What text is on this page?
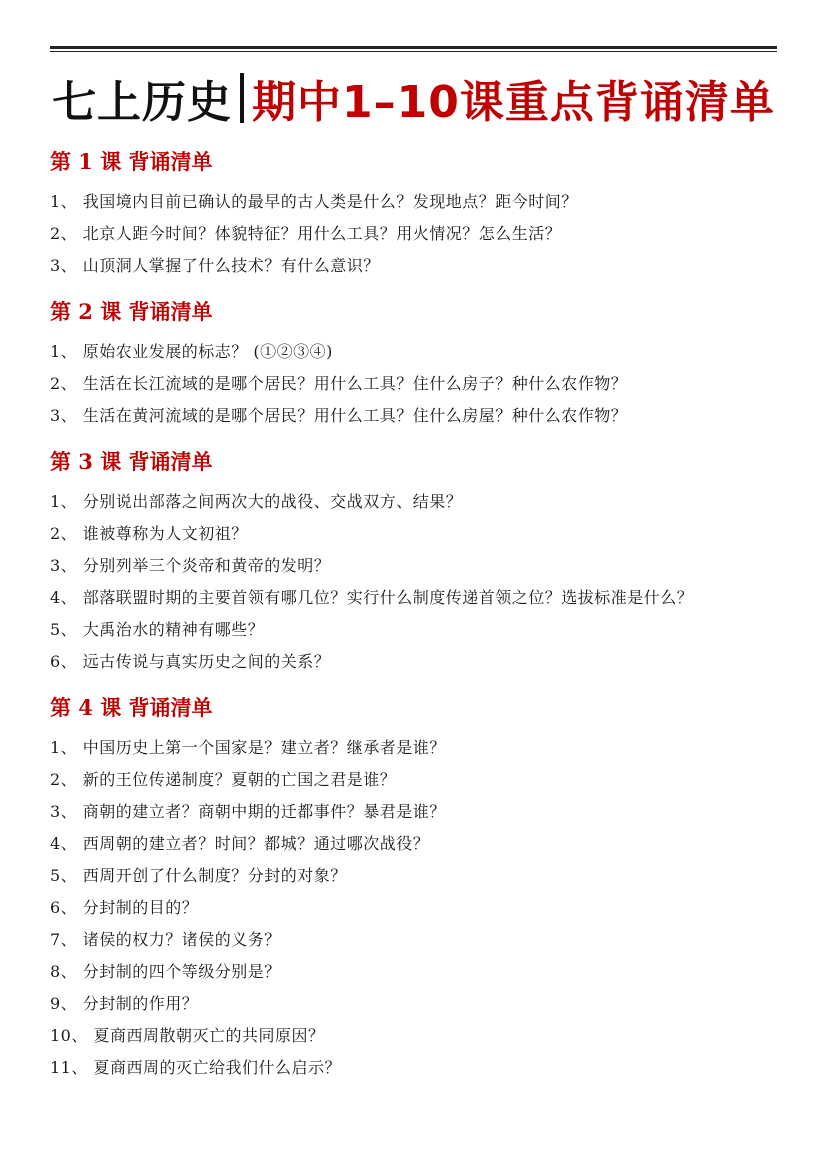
七上历史 期中1–10课重点背诵清单
第 1 课 背诵清单
1、 我国境内目前已确认的最早的古人类是什么？发现地点？距今时间？
2、 北京人距今时间？体貌特征？用什么工具？用火情况？怎么生活？
3、 山顶洞人掌握了什么技术？有什么意识？
第 2 课 背诵清单
1、 原始农业发展的标志？ (①②③④)
2、 生活在长江流域的是哪个居民？用什么工具？住什么房子？种什么农作物？
3、 生活在黄河流域的是哪个居民？用什么工具？住什么房屋？种什么农作物？
第 3 课 背诵清单
1、 分别说出部落之间两次大的战役、交战双方、结果？
2、 谁被尊称为人文初祖？
3、 分别列举三个炎帝和黄帝的发明？
4、 部落联盟时期的主要首领有哪几位？实行什么制度传递首领之位？选拔标准是什么？
5、 大禹治水的精神有哪些？
6、 远古传说与真实历史之间的关系？
第 4 课 背诵清单
1、 中国历史上第一个国家是？建立者？继承者是谁？
2、 新的王位传递制度？夏朝的亡国之君是谁？
3、 商朝的建立者？商朝中期的迁都事件？暴君是谁？
4、 西周朝的建立者？时间？都城？通过哪次战役？
5、 西周开创了什么制度？分封的对象？
6、 分封制的目的？
7、 诸侯的权力？诸侯的义务？
8、 分封制的四个等级分别是？
9、 分封制的作用？
10、 夏商西周散朝灭亡的共同原因？
11、 夏商西周的灭亡给我们什么启示？
